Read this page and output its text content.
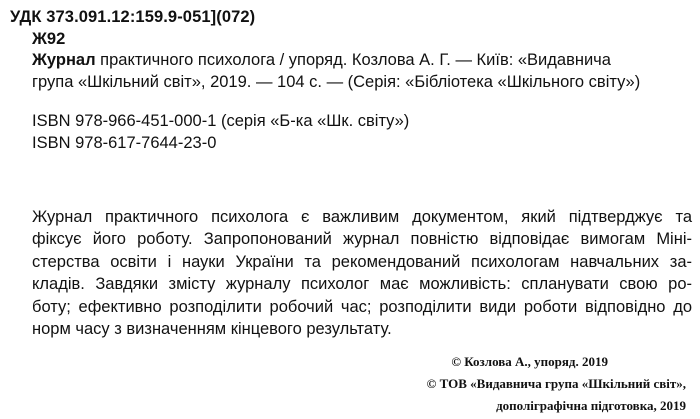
УДК 373.091.12:159.9-051](072)
Ж92
Журнал практичного психолога / упоряд. Козлова А. Г. — Київ: «Видавнича
група «Шкільний світ», 2019. — 104 с. — (Серія: «Бібліотека «Шкільного світу»)
ISBN 978-966-451-000-1 (серія «Б-ка «Шк. світу»)
ISBN 978-617-7644-23-0
Журнал практичного психолога є важливим документом, який підтверджує та
фіксує його роботу. Запропонований журнал повністю відповідає вимогам Міні-
стерства освіти і науки України та рекомендований психологам навчальних за-
кладів. Завдяки змісту журналу психолог має можливість: спланувати свою ро-
боту; ефективно розподілити робочий час; розподілити види роботи відповідно до
норм часу з визначенням кінцевого результату.
© Козлова А., упоряд. 2019
© ТОВ «Видавнича група «Шкільний світ»,
дополіграфічна підготовка, 2019
